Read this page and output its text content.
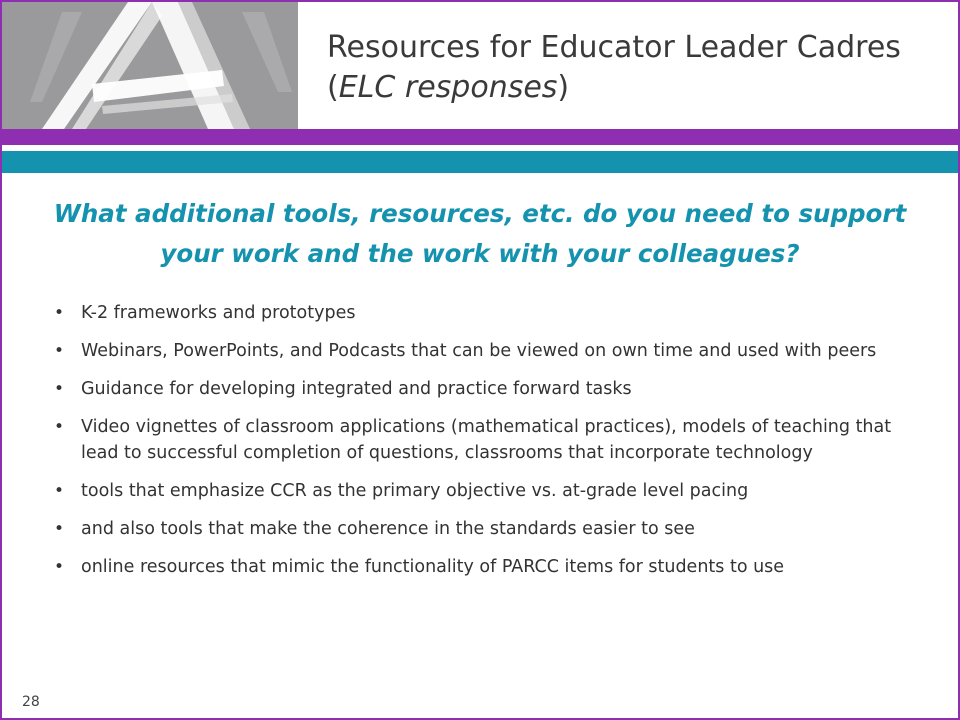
Resources for Educator Leader Cadres
(ELC responses)
What additional tools, resources, etc. do you need to support your work and the work with your colleagues?
• K-2 frameworks and prototypes
• Webinars, PowerPoints, and Podcasts that can be viewed on own time and used with peers
• Guidance for developing integrated and practice forward tasks
• Video vignettes of classroom applications (mathematical practices), models of teaching that lead to successful completion of questions, classrooms that incorporate technology
• tools that emphasize CCR as the primary objective vs. at-grade level pacing
• and also tools that make the coherence in the standards easier to see
• online resources that mimic the functionality of PARCC items for students to use
28
